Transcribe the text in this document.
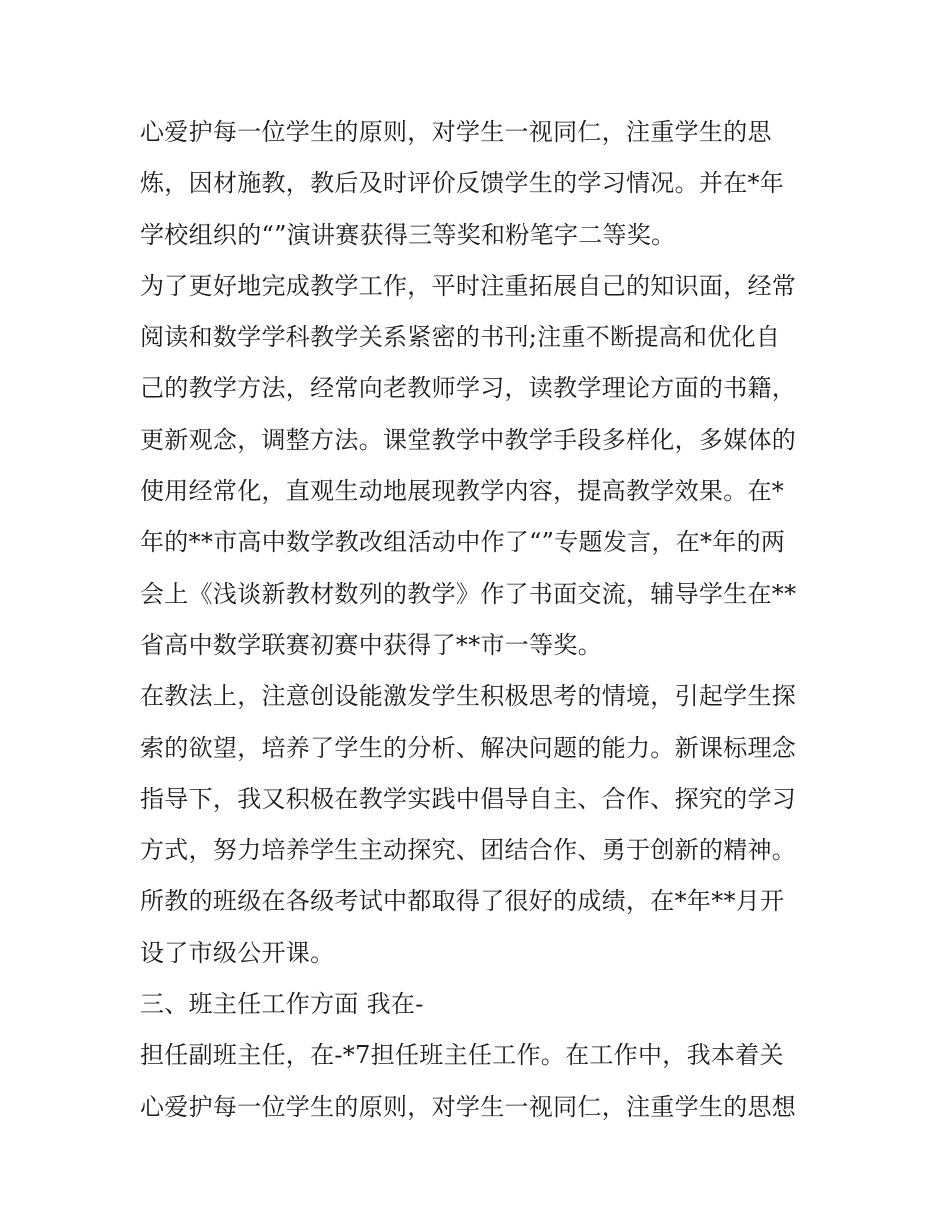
心爱护每一位学生的原则，对学生一视同仁，注重学生的思
炼，因材施教，教后及时评价反馈学生的学习情况。并在*年
学校组织的“”演讲赛获得三等奖和粉笔字二等奖。
为了更好地完成教学工作，平时注重拓展自己的知识面，经常
阅读和数学学科教学关系紧密的书刊;注重不断提高和优化自
己的教学方法，经常向老教师学习，读教学理论方面的书籍，
更新观念，调整方法。课堂教学中教学手段多样化，多媒体的
使用经常化，直观生动地展现教学内容，提高教学效果。在*
年的**市高中数学教改组活动中作了“”专题发言，在*年的两
会上《浅谈新教材数列的教学》作了书面交流，辅导学生在**
省高中数学联赛初赛中获得了**市一等奖。
在教法上，注意创设能激发学生积极思考的情境，引起学生探
索的欲望，培养了学生的分析、解决问题的能力。新课标理念
指导下，我又积极在教学实践中倡导自主、合作、探究的学习
方式，努力培养学生主动探究、团结合作、勇于创新的精神。
所教的班级在各级考试中都取得了很好的成绩，在*年**月开
设了市级公开课。
三、班主任工作方面 我在-
担任副班主任，在-*7担任班主任工作。在工作中，我本着关
心爱护每一位学生的原则，对学生一视同仁，注重学生的思想
